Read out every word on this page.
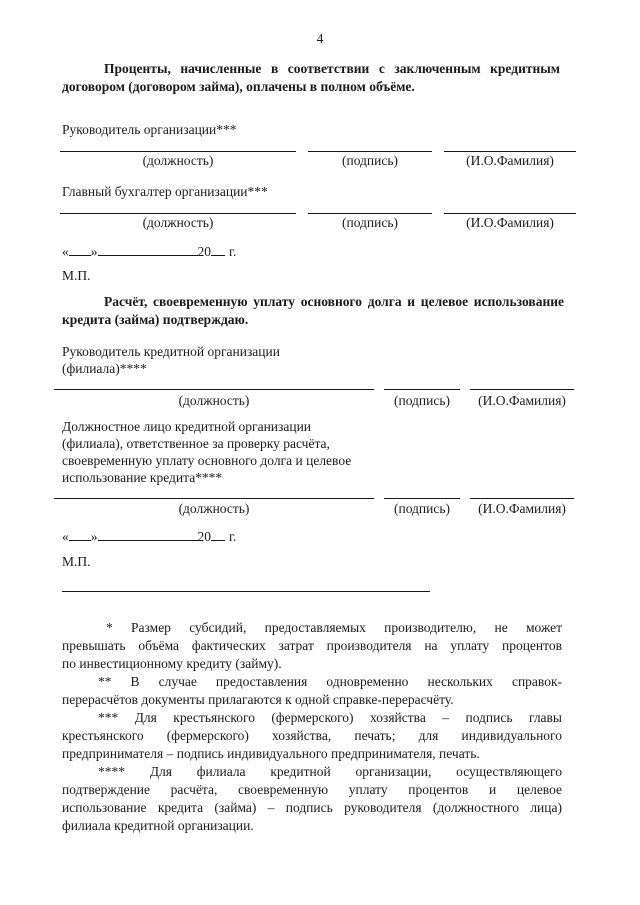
4
Проценты, начисленные в соответствии с заключенным кредитным
договором (договором займа), оплачены в полном объёме.
Руководитель организации***
(должность)	(подпись)	(И.О.Фамилия)
Главный бухгалтер организации***
(должность)	(подпись)	(И.О.Фамилия)
« »	20 г.
М.П.
Расчёт, своевременную уплату основного долга и целевое использование
кредита (займа) подтверждаю.
Руководитель кредитной организации
(филиала)****
(должность)	(подпись)	(И.О.Фамилия)
Должностное лицо кредитной организации
(филиала), ответственное за проверку расчёта,
своевременную уплату основного долга и целевое
использование кредита****
(должность)	(подпись)	(И.О.Фамилия)
« »	20 г.
М.П.
* Размер субсидий, предоставляемых производителю, не может
превышать объёма фактических затрат производителя на уплату процентов
по инвестиционному кредиту (займу).
** В случае предоставления одновременно нескольких справок-
перерасчётов документы прилагаются к одной справке-перерасчёту.
*** Для крестьянского (фермерского) хозяйства – подпись главы
крестьянского (фермерского) хозяйства, печать; для индивидуального
предпринимателя – подпись индивидуального предпринимателя, печать.
**** Для филиала кредитной организации, осуществляющего
подтверждение расчёта, своевременную уплату процентов и целевое
использование кредита (займа) – подпись руководителя (должностного лица)
филиала кредитной организации.
